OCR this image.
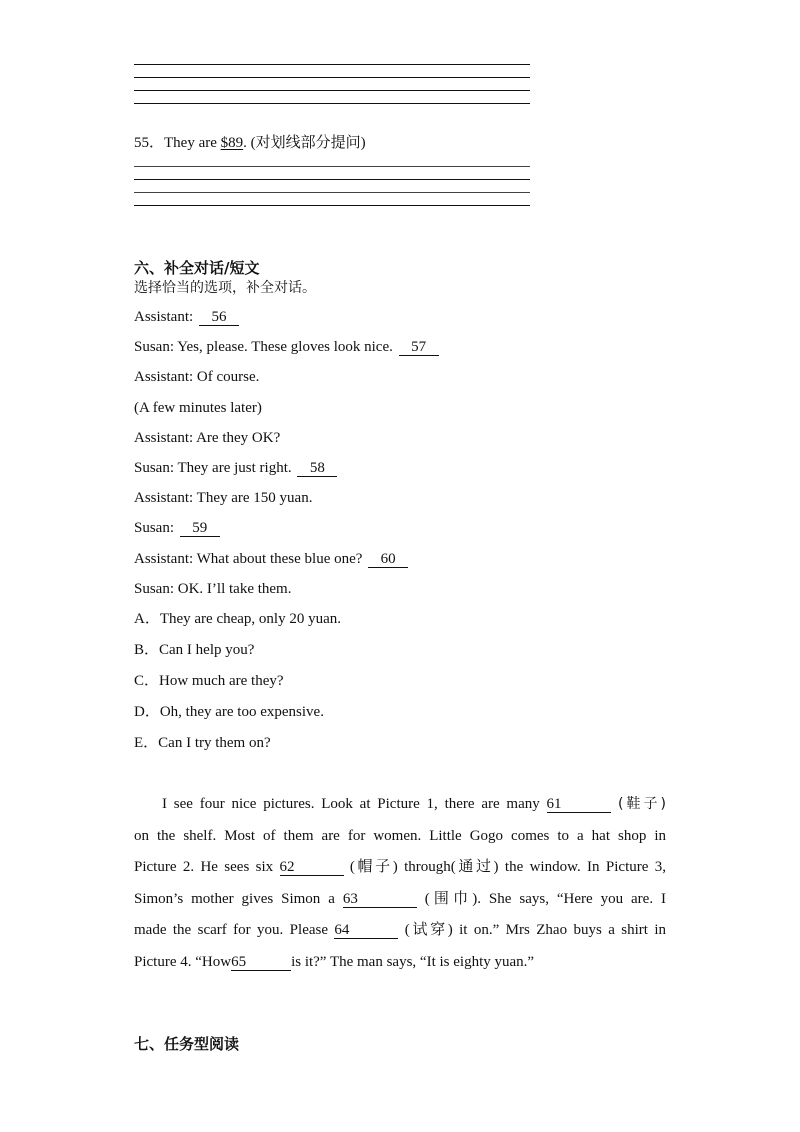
55．They are $89. (对划线部分提问)
六、补全对话/短文
选择恰当的选项，补全对话。
Assistant: 56
Susan: Yes, please. These gloves look nice. 57
Assistant: Of course.
(A few minutes later)
Assistant: Are they OK?
Susan: They are just right. 58
Assistant: They are 150 yuan.
Susan: 59
Assistant: What about these blue one? 60
Susan: OK. I’ll take them.
A．They are cheap, only 20 yuan.
B．Can I help you?
C．How much are they?
D．Oh, they are too expensive.
E．Can I try them on?
I see four nice pictures. Look at Picture 1, there are many 61	(鞋子)
on the shelf. Most of them are for women. Little Gogo comes to a hat shop in
Picture 2. He sees six 62	(帽子) through(通过) the window. In Picture 3,
Simon’s mother gives Simon a 63	(围巾). She says, “Here you are. I
made the scarf for you. Please 64	(试穿) it on.” Mrs Zhao buys a shirt in
Picture 4. “How65	is it?” The man says, “It is eighty yuan.”
七、任务型阅读
